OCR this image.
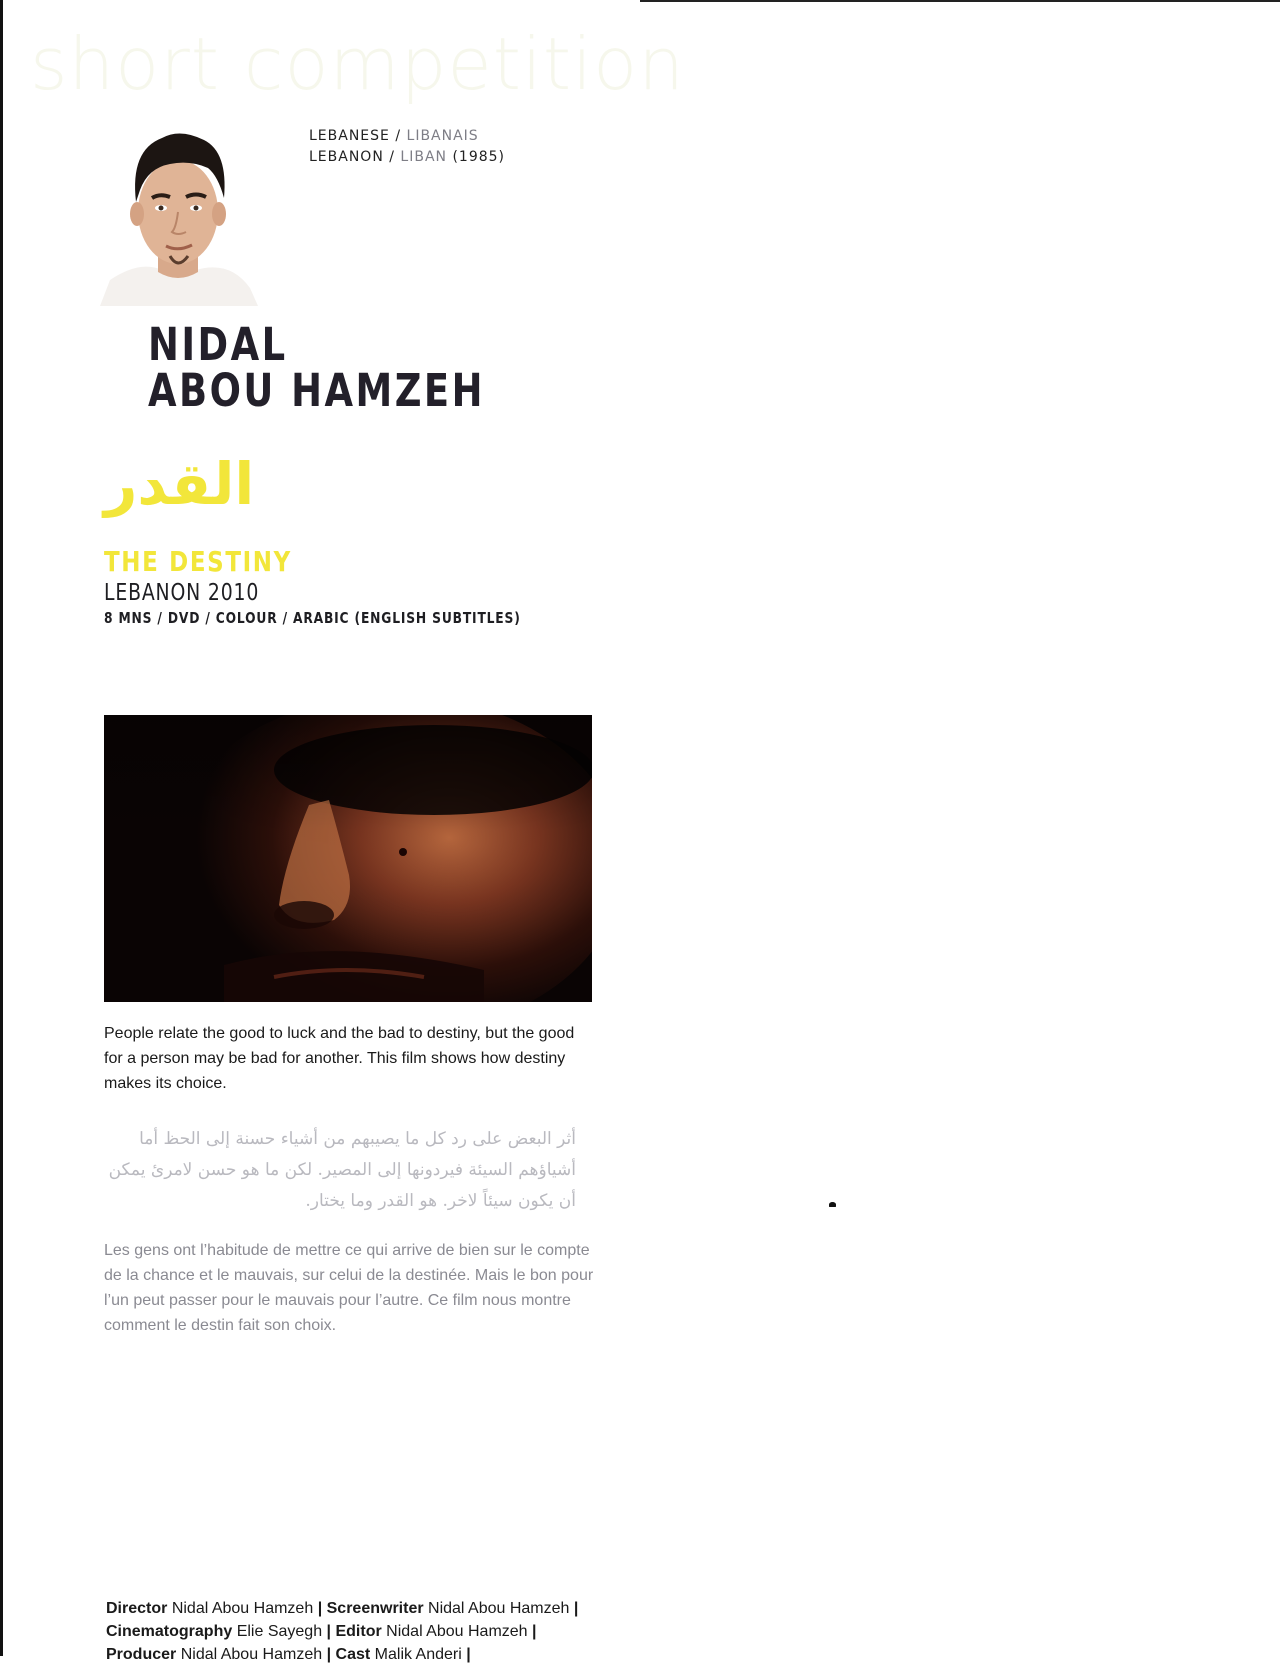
short competition
LEBANESE / LIBANAIS
LEBANON / LIBAN (1985)
NIDAL
ABOU HAMZEH
القدر
THE DESTINY
LEBANON 2010
8 MNS / DVD / COLOUR / ARABIC (ENGLISH SUBTITLES)

People relate the good to luck and the bad to destiny, but the good for a person may be bad for another. This film shows how destiny makes its choice.

أثر البعض على رد كل ما يصيبهم من أشياء حسنة إلى الحظ أما أشياؤهم السيئة فيردونها إلى المصير. لكن ما هو حسن لامرئ يمكن أن يكون سيئاً لاخر. هو القدر وما يختار.

Les gens ont l’habitude de mettre ce qui arrive de bien sur le compte de la chance et le mauvais, sur celui de la destinée. Mais le bon pour l’un peut passer pour le mauvais pour l’autre. Ce film nous montre comment le destin fait son choix.

Director Nidal Abou Hamzeh | Screenwriter Nidal Abou Hamzeh | Cinematography Elie Sayegh | Editor Nidal Abou Hamzeh | Producer Nidal Abou Hamzeh | Cast Malik Anderi |
